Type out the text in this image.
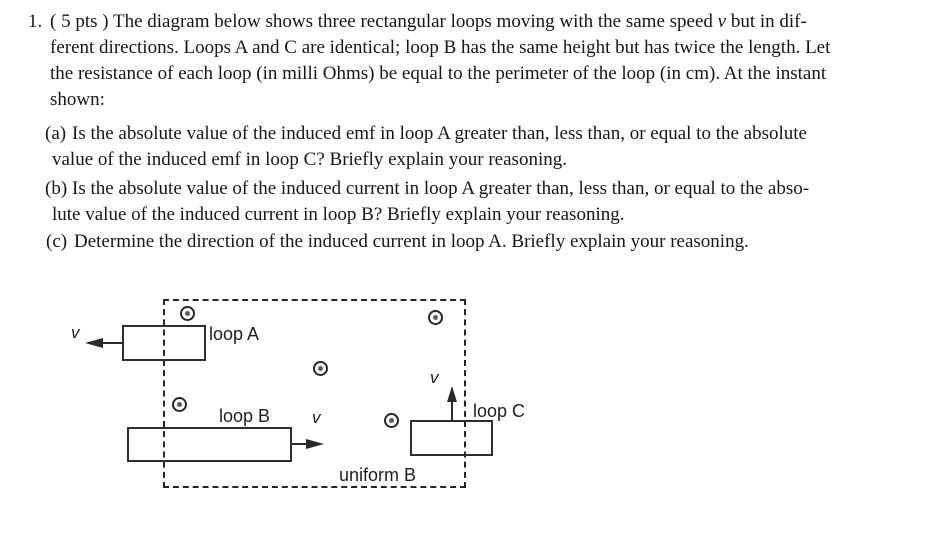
1. ( 5 pts ) The diagram below shows three rectangular loops moving with the same speed v but in dif-
ferent directions. Loops A and C are identical; loop B has the same height but has twice the length. Let
the resistance of each loop (in milli Ohms) be equal to the perimeter of the loop (in cm). At the instant
shown:
(a) Is the absolute value of the induced emf in loop A greater than, less than, or equal to the absolute
value of the induced emf in loop C? Briefly explain your reasoning.
(b) Is the absolute value of the induced current in loop A greater than, less than, or equal to the abso-
lute value of the induced current in loop B? Briefly explain your reasoning.
(c) Determine the direction of the induced current in loop A. Briefly explain your reasoning.
loop A
v
loop B v	loop C
v
uniform B
